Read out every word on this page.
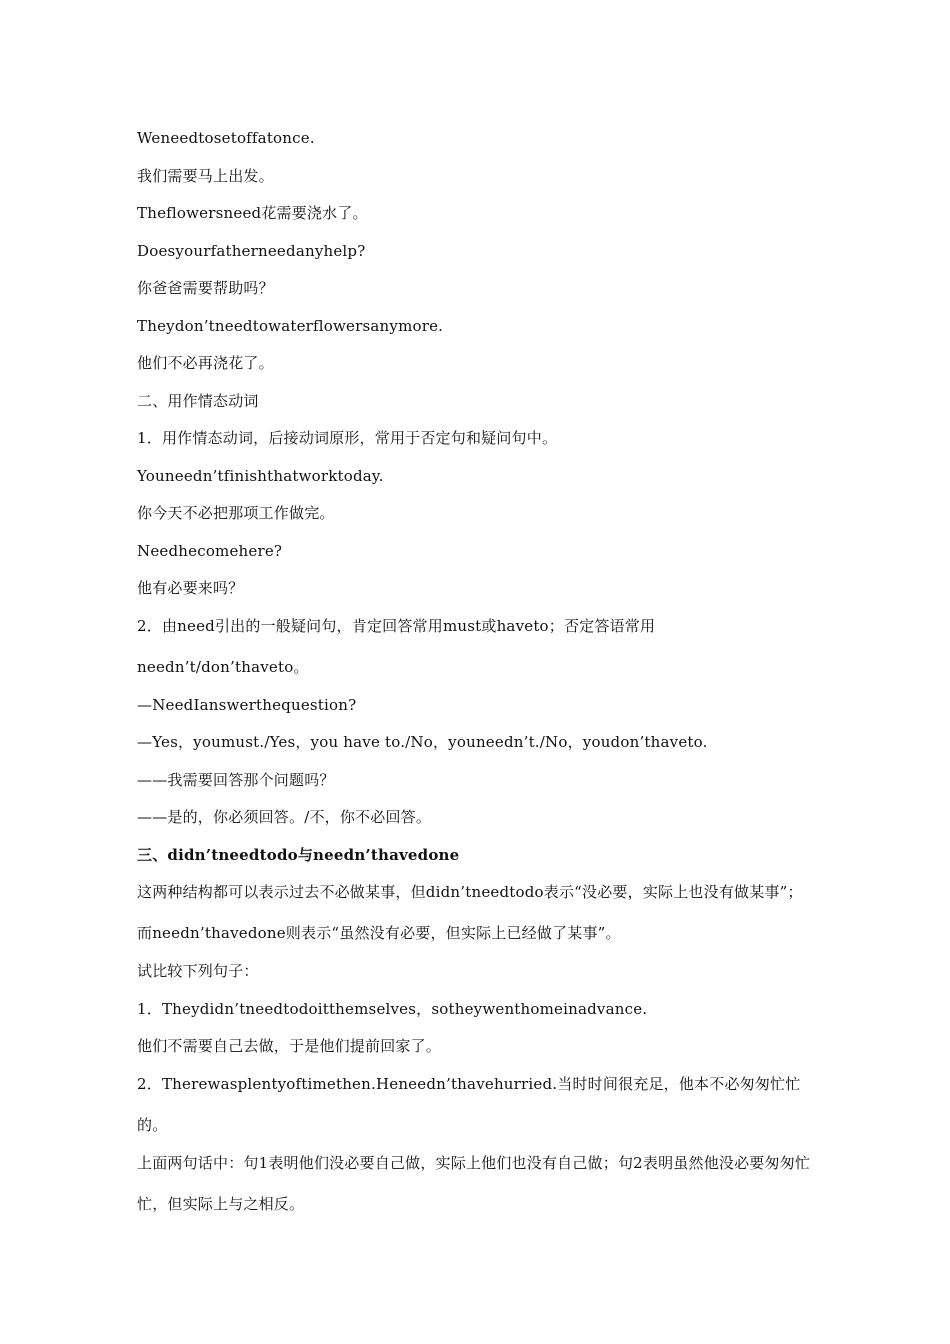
Weneedtosetoffatonce.

我们需要马上出发。

Theflowersneed花需要浇水了。

Doesyourfatherneedanyhelp?

你爸爸需要帮助吗？

Theydon’tneedtowaterflowersanymore.

他们不必再浇花了。

二、用作情态动词

1．用作情态动词，后接动词原形，常用于否定句和疑问句中。

Youneedn’tfinishthatworktoday.

你今天不必把那项工作做完。

Needhecomehere?

他有必要来吗？

2．由need引出的一般疑问句，肯定回答常用must或haveto；否定答语常用needn’t/don’thaveto。

—NeedIanswerthequestion?

—Yes，youmust./Yes，you have to./No，youneedn’t./No，youdon’thaveto.

——我需要回答那个问题吗？

——是的，你必须回答。/不，你不必回答。

三、didn’tneedtodo与needn’thavedone

这两种结构都可以表示过去不必做某事，但didn’tneedtodo表示“没必要，实际上也没有做某事”；而needn’thavedone则表示“虽然没有必要，但实际上已经做了某事”。

试比较下列句子：

1．Theydidn’tneedtodoitthemselves，sotheywenthomeinadvance.

他们不需要自己去做，于是他们提前回家了。

2．Therewasplentyoftimethen.Heneedn’thavehurried.当时时间很充足，他本不必匆匆忙忙的。

上面两句话中：句1表明他们没必要自己做，实际上他们也没有自己做；句2表明虽然他没必要匆匆忙忙，但实际上与之相反。
